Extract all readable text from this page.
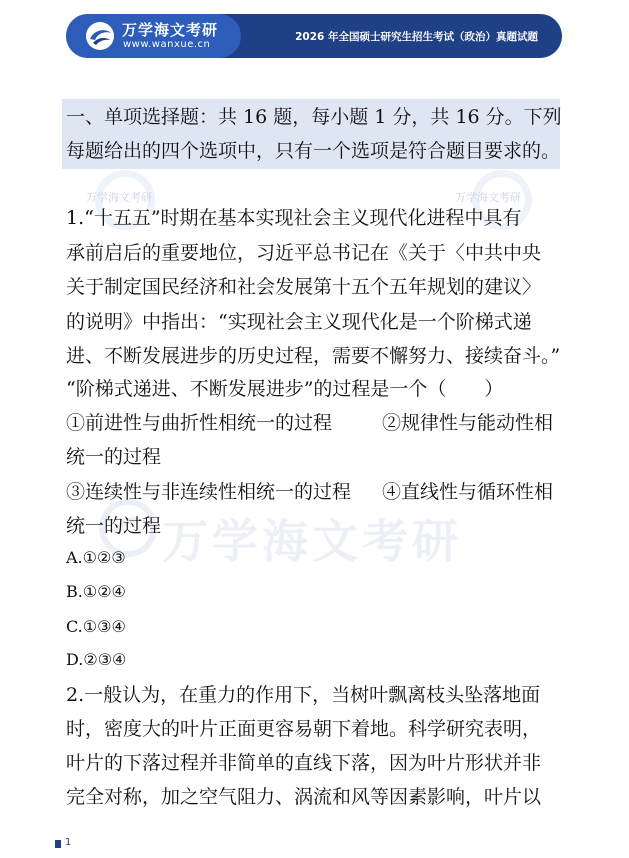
万学海文考研
www.wanxue.cn
2026 年全国硕士研究生招生考试（政治）真题试题
万学海文考研	万学海文考研
万学海文考研
一、单项选择题：共 16 题，每小题 1 分，共 16 分。下列每题给出的四个选项中，只有一个选项是符合题目要求的。
1.“十五五”时期在基本实现社会主义现代化进程中具有
承前启后的重要地位，习近平总书记在《关于〈中共中央
关于制定国民经济和社会发展第十五个五年规划的建议〉
的说明》中指出：“实现社会主义现代化是一个阶梯式递
进、不断发展进步的历史过程，需要不懈努力、接续奋斗。”
“阶梯式递进、不断发展进步”的过程是一个（　　）
①前进性与曲折性相统一的过程	②规律性与能动性相
统一的过程
③连续性与非连续性相统一的过程 ④直线性与循环性相
统一的过程
A.①②③
B.①②④
C.①③④
D.②③④
2.一般认为，在重力的作用下，当树叶飘离枝头坠落地面
时，密度大的叶片正面更容易朝下着地。科学研究表明，
叶片的下落过程并非简单的直线下落，因为叶片形状并非
完全对称，加之空气阻力、涡流和风等因素影响，叶片以
1
